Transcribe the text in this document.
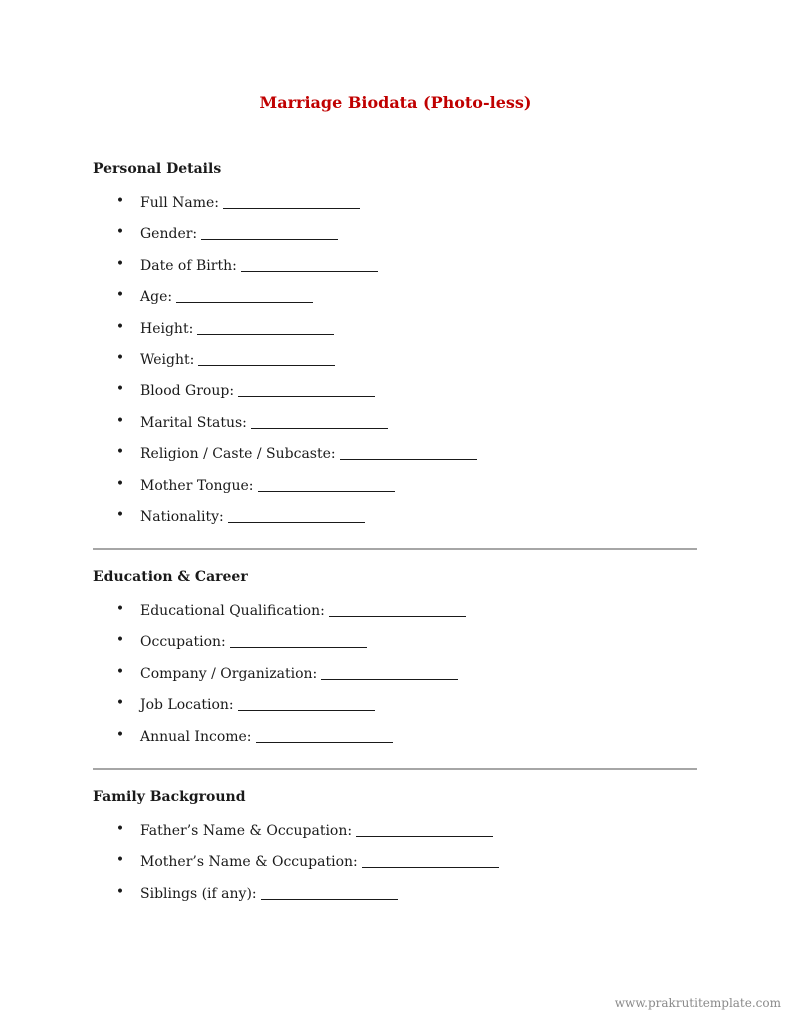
Marriage Biodata (Photo-less)
Personal Details
• Full Name:
• Gender:
• Date of Birth:
• Age:
• Height:
• Weight:
• Blood Group:
• Marital Status:
• Religion / Caste / Subcaste:
• Mother Tongue:
• Nationality:
Education & Career
• Educational Qualification:
• Occupation:
• Company / Organization:
• Job Location:
• Annual Income:
Family Background
• Father’s Name & Occupation:
• Mother’s Name & Occupation:
• Siblings (if any):
www.prakrutitemplate.com
